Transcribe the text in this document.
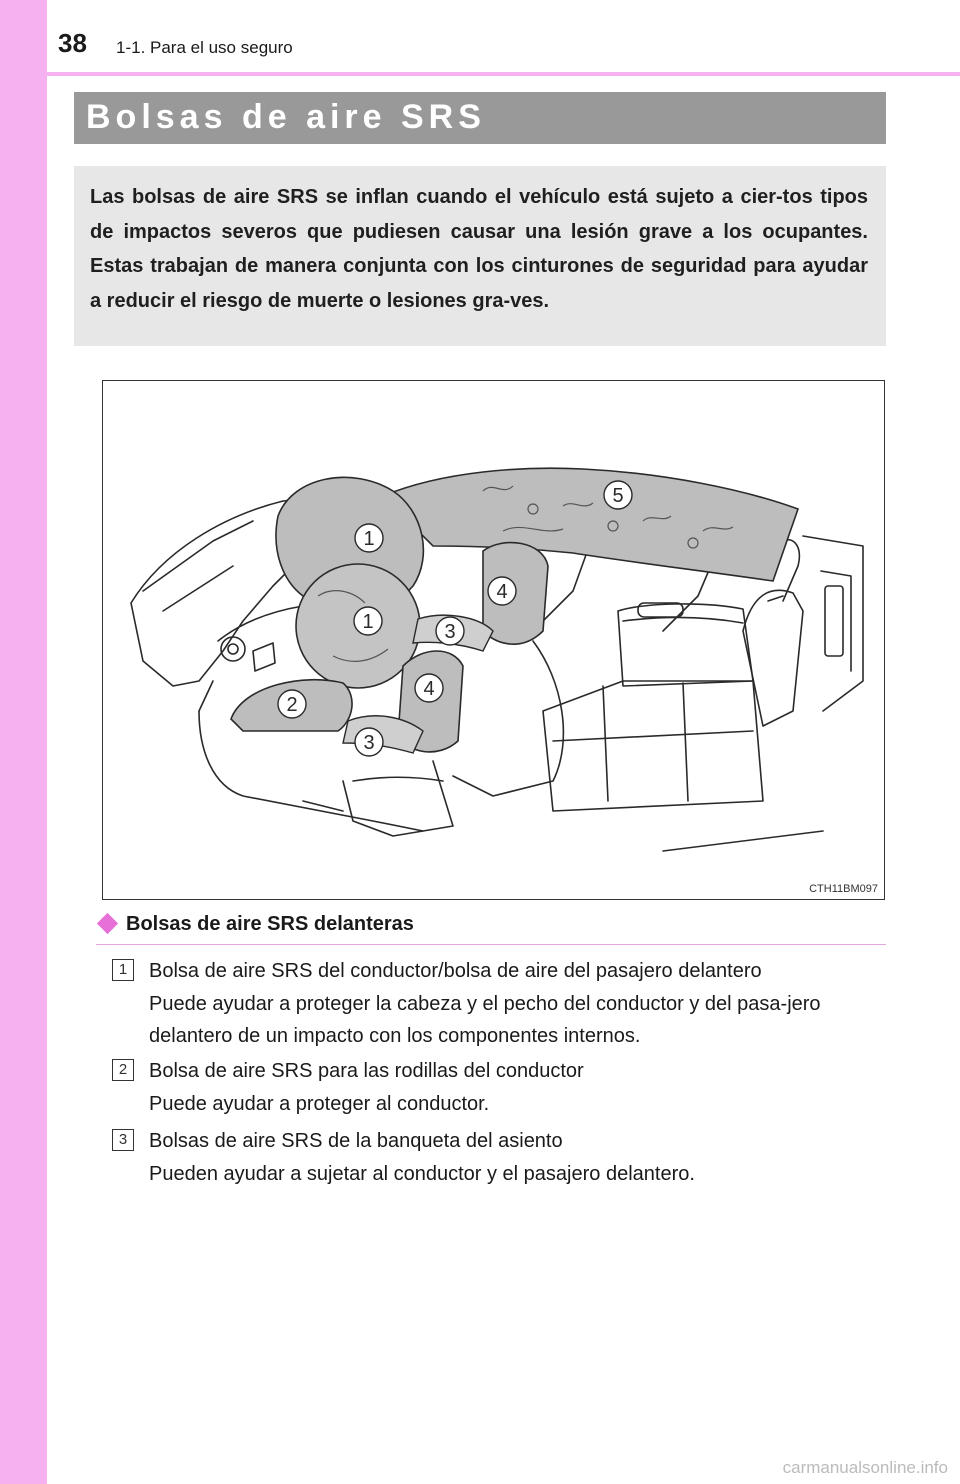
38 1-1. Para el uso seguro
Bolsas de aire SRS

Las bolsas de aire SRS se inflan cuando el vehículo está sujeto a cier-tos tipos de impactos severos que pudiesen causar una lesión grave a los ocupantes. Estas trabajan de manera conjunta con los cinturones de seguridad para ayudar a reducir el riesgo de muerte o lesiones gra-ves.

1
1
2
3
3
4
4
5
CTH11BM097
Bolsas de aire SRS delanteras
1	Bolsa de aire SRS del conductor/bolsa de aire del pasajero delantero

Puede ayudar a proteger la cabeza y el pecho del conductor y del pasa-jero delantero de un impacto con los componentes internos.

2	Bolsa de aire SRS para las rodillas del conductor

Puede ayudar a proteger al conductor.

3	Bolsas de aire SRS de la banqueta del asiento

Pueden ayudar a sujetar al conductor y el pasajero delantero.

carmanualsonline.info
